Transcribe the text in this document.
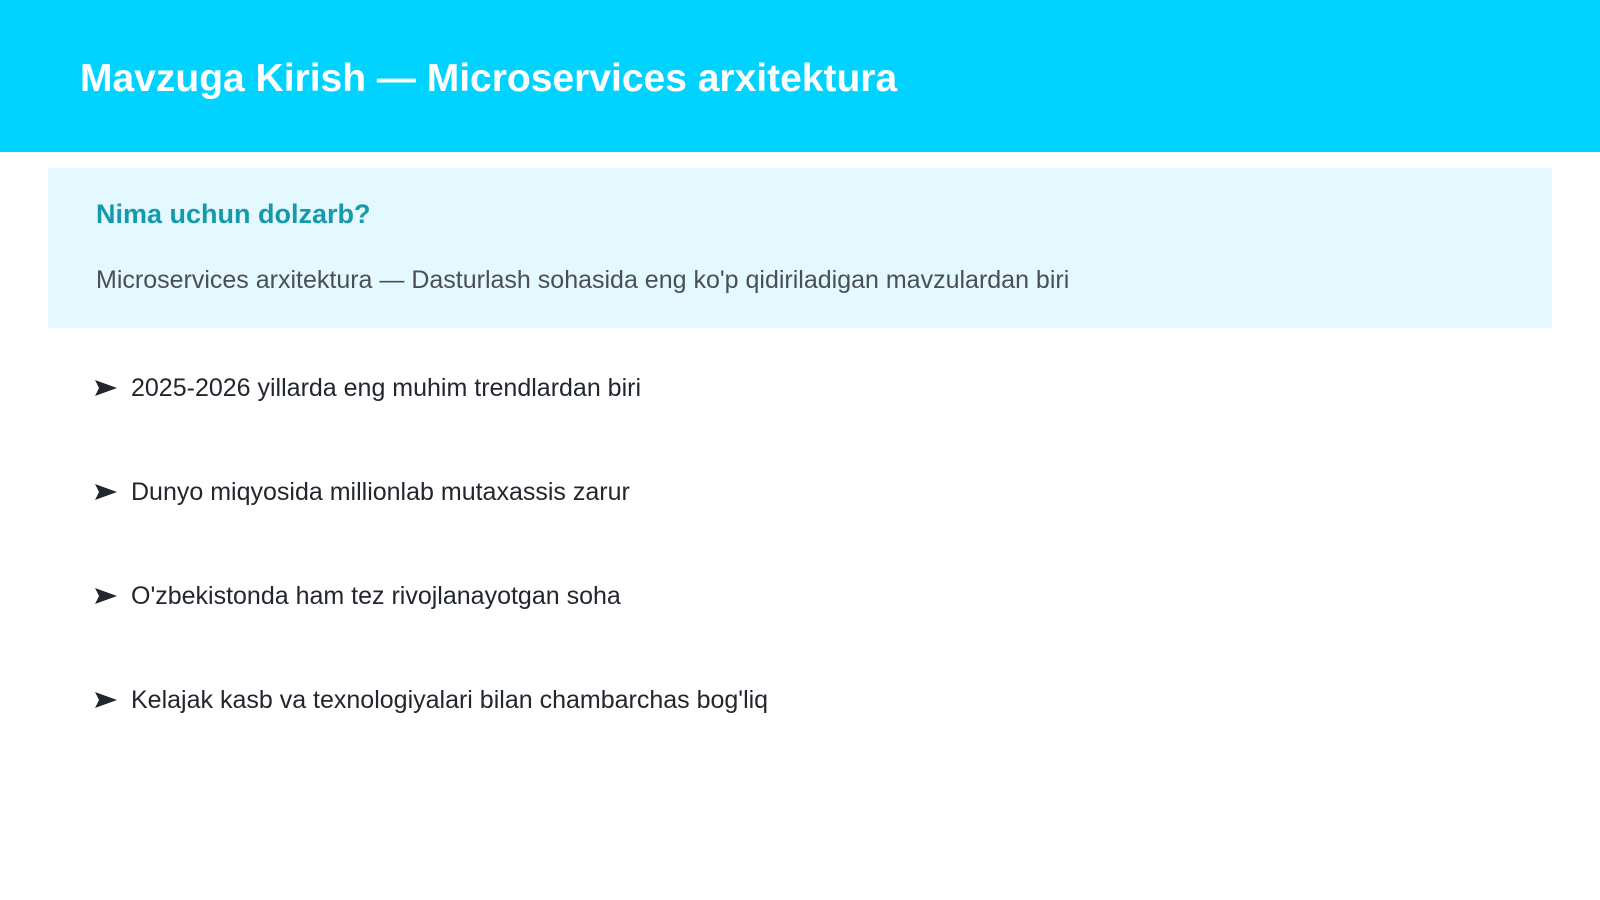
Mavzuga Kirish — Microservices arxitektura
Nima uchun dolzarb?

Microservices arxitektura — Dasturlash sohasida eng ko'p qidiriladigan mavzulardan biri

2025-2026 yillarda eng muhim trendlardan biri
Dunyo miqyosida millionlab mutaxassis zarur
O'zbekistonda ham tez rivojlanayotgan soha
Kelajak kasb va texnologiyalari bilan chambarchas bog'liq
